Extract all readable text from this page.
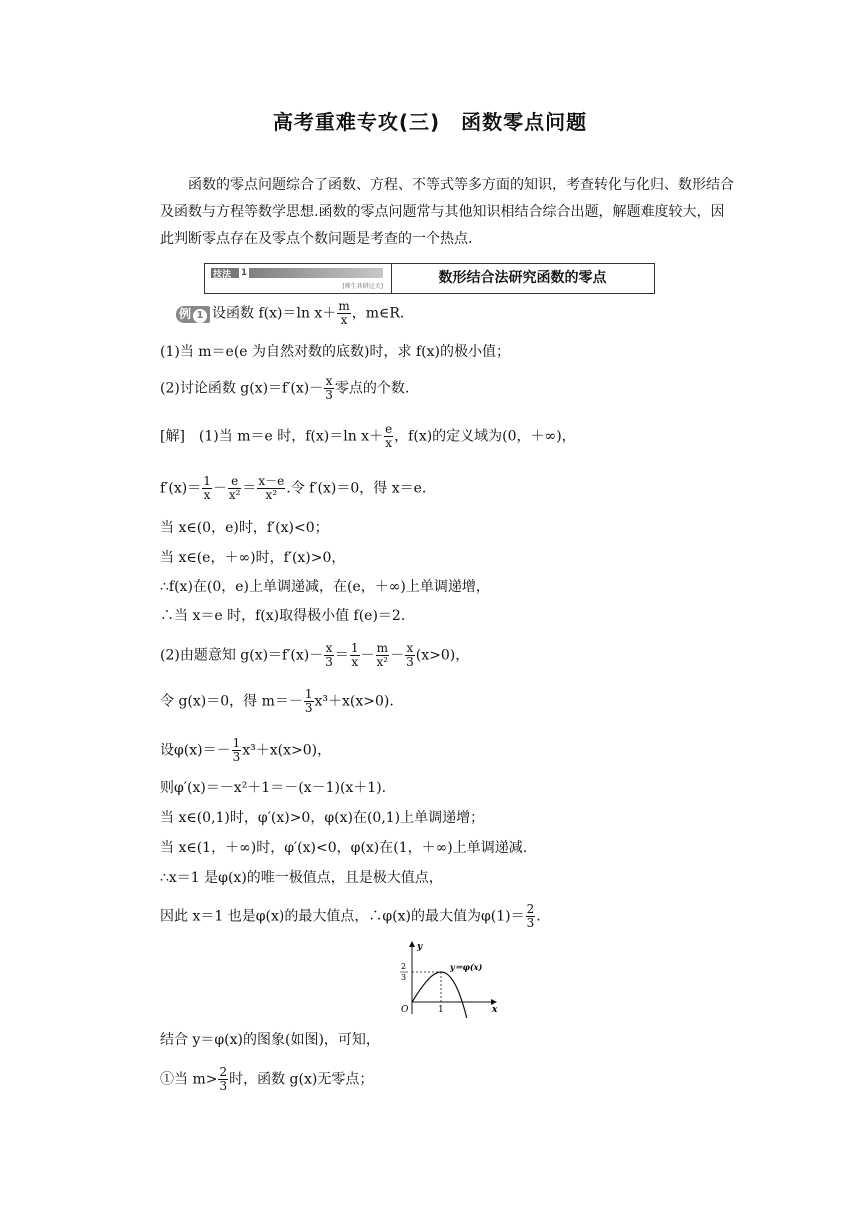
高考重难专攻(三)　函数零点问题
函数的零点问题综合了函数、方程、不等式等多方面的知识，考查转化与化归、数形结合及函数与方程等数学思想.函数的零点问题常与其他知识相结合综合出题，解题难度较大，因此判断零点存在及零点个数问题是考查的一个热点.
技法 1
[师生共研过关]
数形结合法研究函数的零点
例 1 设函数 f(x)＝ln $x+ \frac{m}{x}$ ，m∈R.
(1)当 m＝e(e 为自然对数的底数)时，求 f(x)的极小值；
(2)讨论函数 $g(x)=f'(x)- \frac{x}{3}$ 零点的个数.
[解]　(1)当 m＝e 时，f(x)＝ln $x+ \frac{e}{x}$ ，f(x)的定义域为(0，＋∞)，
$f'(x)= \frac{1}{x} - \frac{e}{\text{x²}} = \frac{x-e}{\text{x²}}$ .令 f′(x)＝0，得 x＝e.
当 x∈(0，e)时，f′(x)<0；
当 x∈(e，＋∞)时，f′(x)>0，
∴f(x)在(0，e)上单调递减，在(e，＋∞)上单调递增，
∴当 x＝e 时，f(x)取得极小值 f(e)＝2.
(2)由题意知 $g(x)=f'(x)- \frac{x}{3} = \frac{1}{x} - \frac{m}{\text{x²}} - \frac{x}{3} (x>0)$，
令 g(x)＝0，得 $m=- \frac{1}{3} x^3+x(x>0)$.
设$\varphi(x)=- \frac{1}{3} x^3+x(x>0)$，
则φ′(x)＝－x²＋1＝－(x－1)(x＋1).
当 x∈(0,1)时，φ′(x)>0，φ(x)在(0,1)上单调递增；
当 x∈(1，＋∞)时，φ′(x)<0，φ(x)在(1，＋∞)上单调递减.
∴x＝1 是φ(x)的唯一极值点，且是极大值点，
因此 x＝1 也是φ(x)的最大值点，∴φ(x)的最大值为$\varphi(1)= \frac{2}{3}$ .
y
x
O	1
2
3
y＝φ(x)
结合 y＝φ(x)的图象(如图)，可知，
①当 $m> \frac{2}{3}$ 时，函数 g(x)无零点；
